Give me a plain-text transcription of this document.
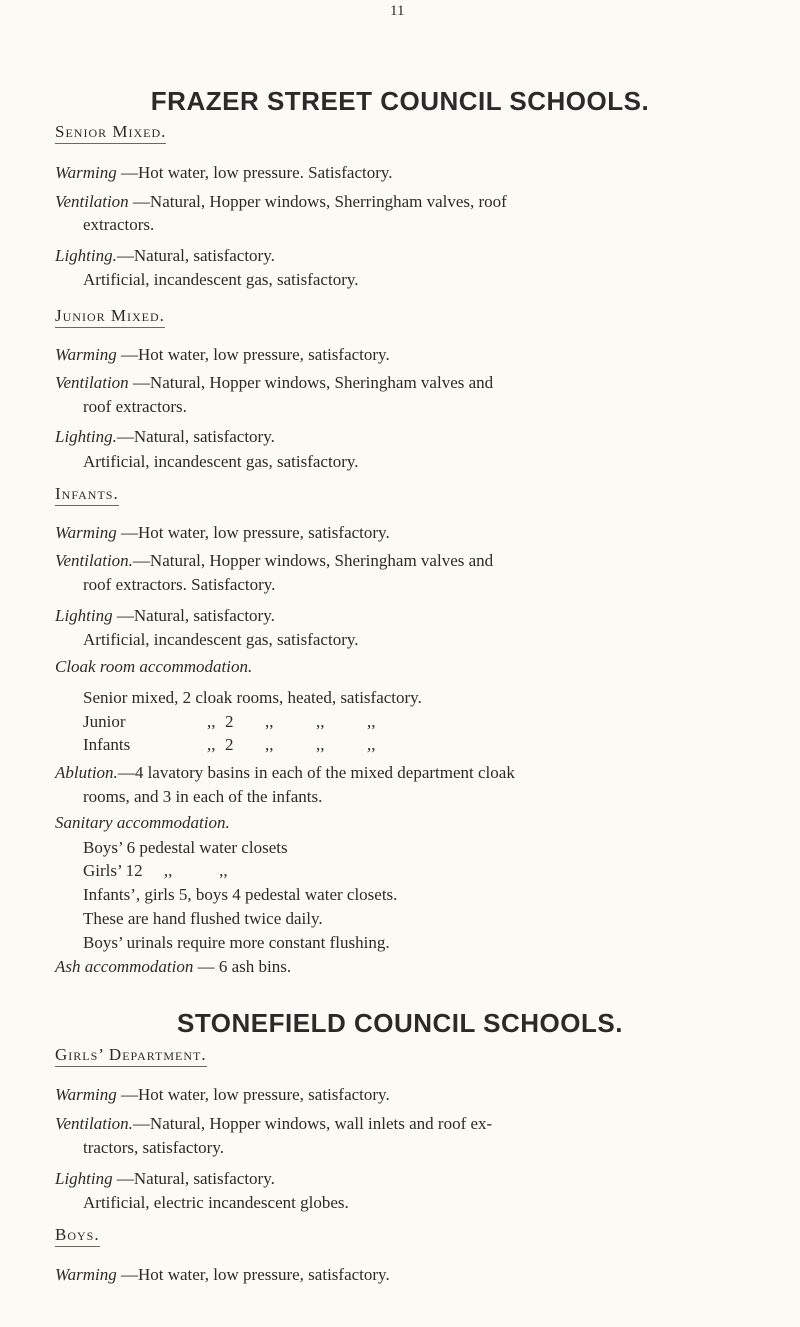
11
FRAZER STREET COUNCIL SCHOOLS.
Senior Mixed.
Warming —Hot water, low pressure. Satisfactory.
Ventilation —Natural, Hopper windows, Sherringham valves, roof
extractors.
Lighting.—Natural, satisfactory.
Artificial, incandescent gas, satisfactory.
Junior Mixed.
Warming —Hot water, low pressure, satisfactory.
Ventilation —Natural, Hopper windows, Sheringham valves and
roof extractors.
Lighting.—Natural, satisfactory.
Artificial, incandescent gas, satisfactory.
Infants.
Warming —Hot water, low pressure, satisfactory.
Ventilation.—Natural, Hopper windows, Sheringham valves and
roof extractors. Satisfactory.
Lighting —Natural, satisfactory.
Artificial, incandescent gas, satisfactory.
Cloak room accommodation.
Senior mixed, 2 cloak rooms, heated, satisfactory.
Junior	,, 2 ,,          ,,          ,,
Infants	,, 2 ,,          ,,          ,,
Ablution.—4 lavatory basins in each of the mixed department cloak
rooms, and 3 in each of the infants.
Sanitary accommodation.
Boys’ 6 pedestal water closets
Girls’ 12     ,,           ,,
Infants’, girls 5, boys 4 pedestal water closets.
These are hand flushed twice daily.
Boys’ urinals require more constant flushing.
Ash accommodation — 6 ash bins.
STONEFIELD COUNCIL SCHOOLS.
Girls’ Department.
Warming —Hot water, low pressure, satisfactory.
Ventilation.—Natural, Hopper windows, wall inlets and roof ex-
tractors, satisfactory.
Lighting —Natural, satisfactory.
Artificial, electric incandescent globes.
Boys.
Warming —Hot water, low pressure, satisfactory.
